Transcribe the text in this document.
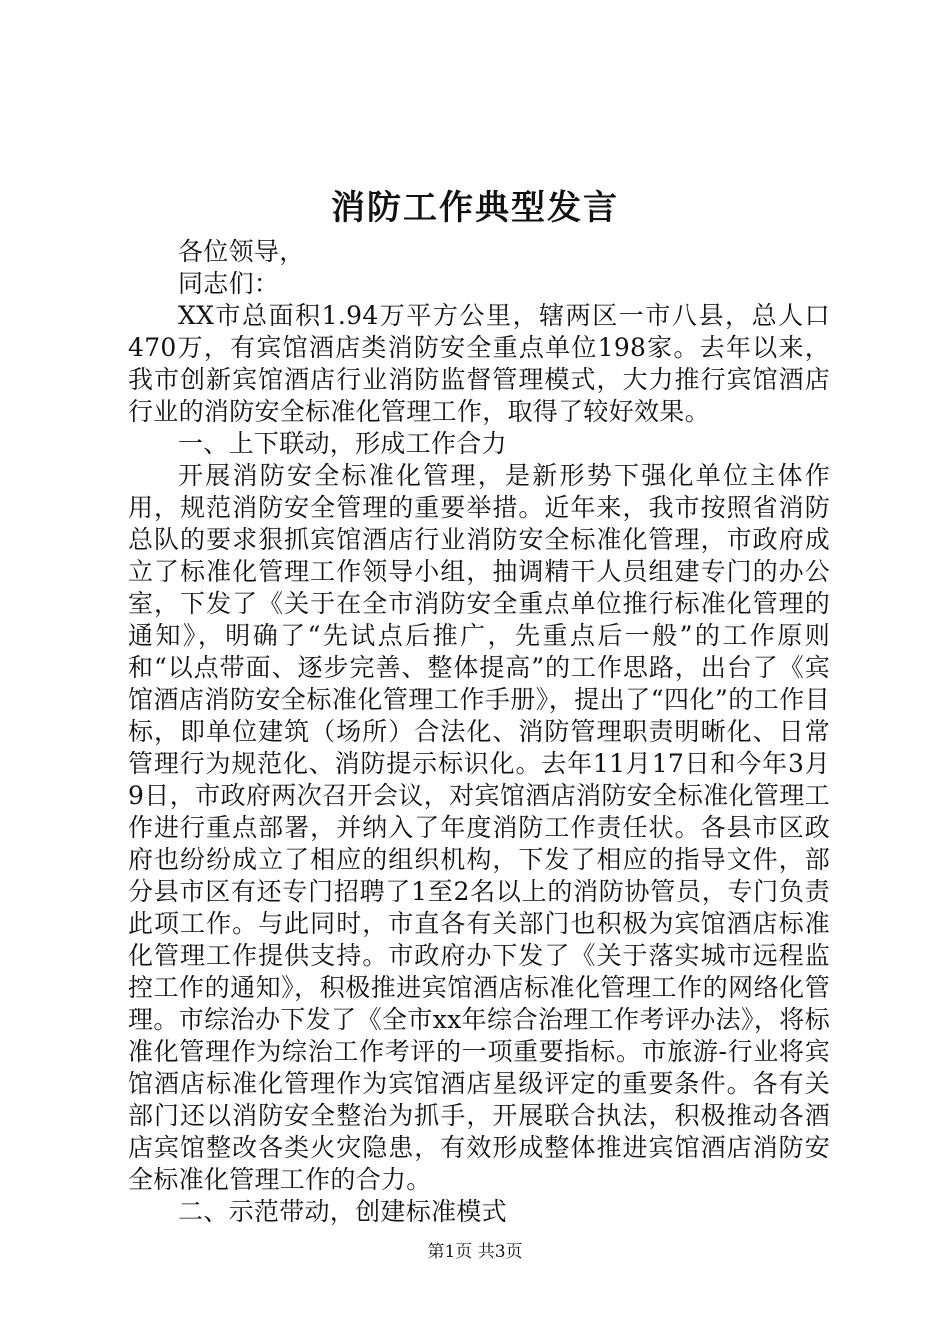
消防工作典型发言

各位领导，

同志们：

XX市总面积1.94万平方公里，辖两区一市八县，总人口470万，有宾馆酒店类消防安全重点单位198家。去年以来，我市创新宾馆酒店行业消防监督管理模式，大力推行宾馆酒店行业的消防安全标准化管理工作，取得了较好效果。

一、上下联动，形成工作合力

开展消防安全标准化管理，是新形势下强化单位主体作用，规范消防安全管理的重要举措。近年来，我市按照省消防总队的要求狠抓宾馆酒店行业消防安全标准化管理，市政府成立了标准化管理工作领导小组，抽调精干人员组建专门的办公室，下发了《关于在全市消防安全重点单位推行标准化管理的通知》，明确了“先试点后推广，先重点后一般”的工作原则和“以点带面、逐步完善、整体提高”的工作思路，出台了《宾馆酒店消防安全标准化管理工作手册》，提出了“四化”的工作目标，即单位建筑（场所）合法化、消防管理职责明晰化、日常管理行为规范化、消防提示标识化。去年11月17日和今年3月9日，市政府两次召开会议，对宾馆酒店消防安全标准化管理工作进行重点部署，并纳入了年度消防工作责任状。各县市区政府也纷纷成立了相应的组织机构，下发了相应的指导文件，部分县市区有还专门招聘了1至2名以上的消防协管员，专门负责此项工作。与此同时，市直各有关部门也积极为宾馆酒店标准化管理工作提供支持。市政府办下发了《关于落实城市远程监控工作的通知》，积极推进宾馆酒店标准化管理工作的网络化管理。市综治办下发了《全市xx年综合治理工作考评办法》，将标准化管理作为综治工作考评的一项重要指标。市旅游-行业将宾馆酒店标准化管理作为宾馆酒店星级评定的重要条件。各有关部门还以消防安全整治为抓手，开展联合执法，积极推动各酒店宾馆整改各类火灾隐患，有效形成整体推进宾馆酒店消防安全标准化管理工作的合力。

二、示范带动，创建标准模式

第1页 共3页
